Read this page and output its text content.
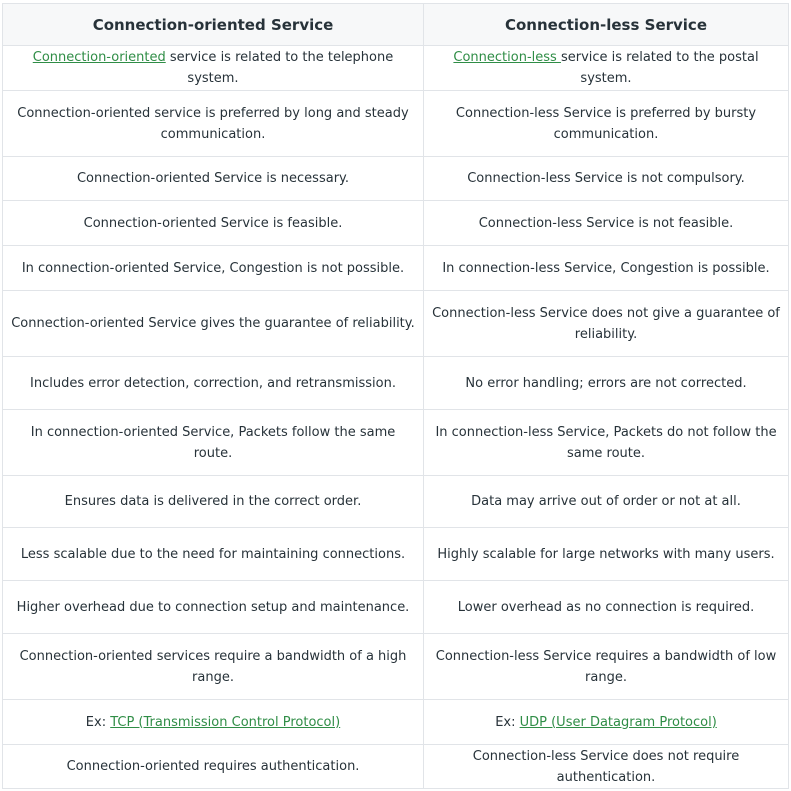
Connection-oriented Service	Connection-less Service
Connection-oriented service is related to the telephone system.	Connection-less service is related to the postal system.
Connection-oriented service is preferred by long and steady communication.	Connection-less Service is preferred by bursty communication.
Connection-oriented Service is necessary.	Connection-less Service is not compulsory.
Connection-oriented Service is feasible.	Connection-less Service is not feasible.
In connection-oriented Service, Congestion is not possible.	In connection-less Service, Congestion is possible.
Connection-oriented Service gives the guarantee of reliability.	Connection-less Service does not give a guarantee of reliability.
Includes error detection, correction, and retransmission.	No error handling; errors are not corrected.
In connection-oriented Service, Packets follow the same route.	In connection-less Service, Packets do not follow the same route.
Ensures data is delivered in the correct order.	Data may arrive out of order or not at all.
Less scalable due to the need for maintaining connections.	Highly scalable for large networks with many users.
Higher overhead due to connection setup and maintenance.	Lower overhead as no connection is required.
Connection-oriented services require a bandwidth of a high range.	Connection-less Service requires a bandwidth of low range.
Ex: TCP (Transmission Control Protocol)	Ex: UDP (User Datagram Protocol)
Connection-oriented requires authentication.	Connection-less Service does not require authentication.
